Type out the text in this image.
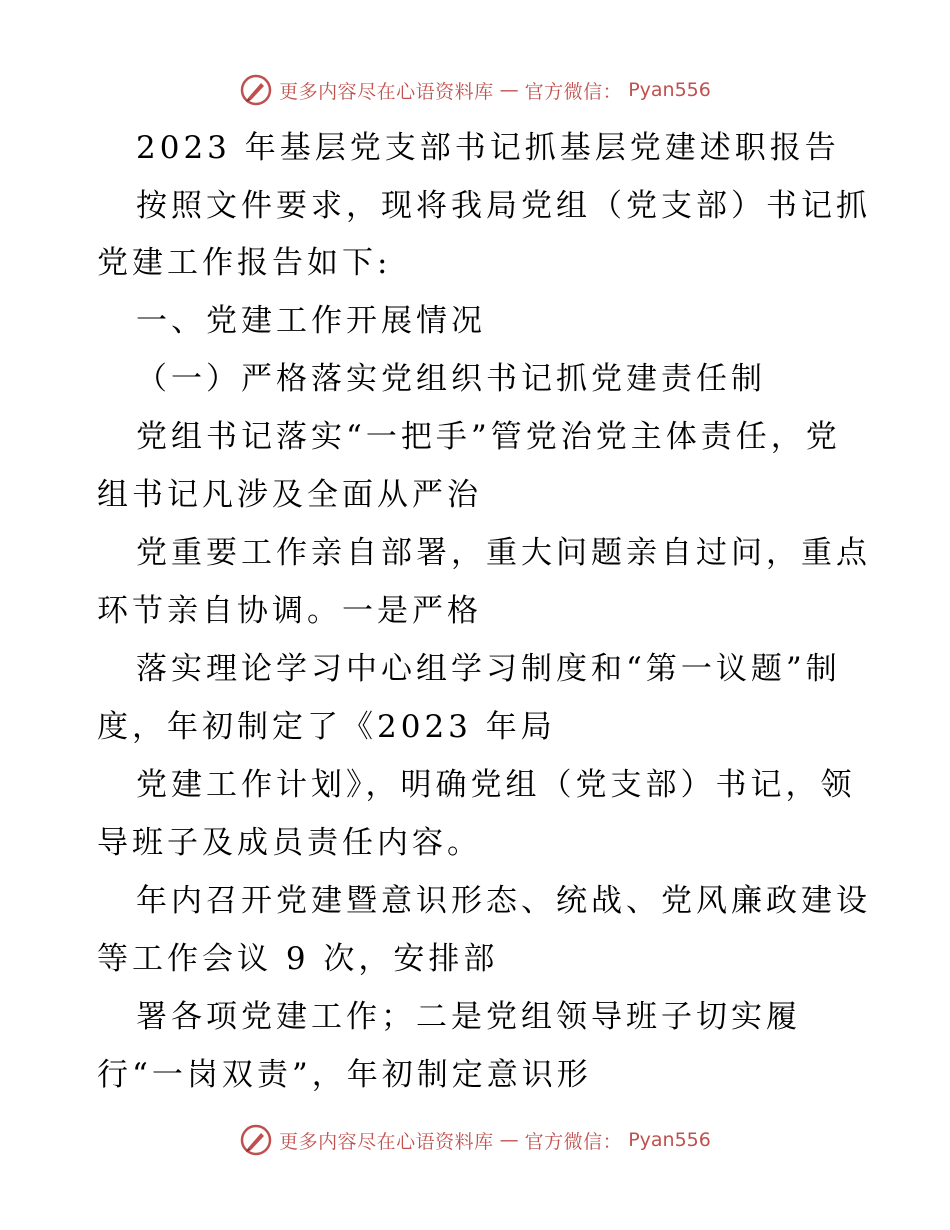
更多内容尽在心语资料库 — 官方微信： Pyan556
2023 年基层党支部书记抓基层党建述职报告
按照文件要求，现将我局党组（党支部）书记抓
党建工作报告如下:
一、党建工作开展情况
（一）严格落实党组织书记抓党建责任制
党组书记落实“一把手”管党治党主体责任，党
组书记凡涉及全面从严治
党重要工作亲自部署，重大问题亲自过问，重点
环节亲自协调。一是严格
落实理论学习中心组学习制度和“第一议题”制
度，年初制定了《2023 年局
党建工作计划》，明确党组（党支部）书记，领
导班子及成员责任内容。
年内召开党建暨意识形态、统战、党风廉政建设
等工作会议 9 次，安排部
署各项党建工作；二是党组领导班子切实履
行“一岗双责”，年初制定意识形
更多内容尽在心语资料库 — 官方微信： Pyan556
